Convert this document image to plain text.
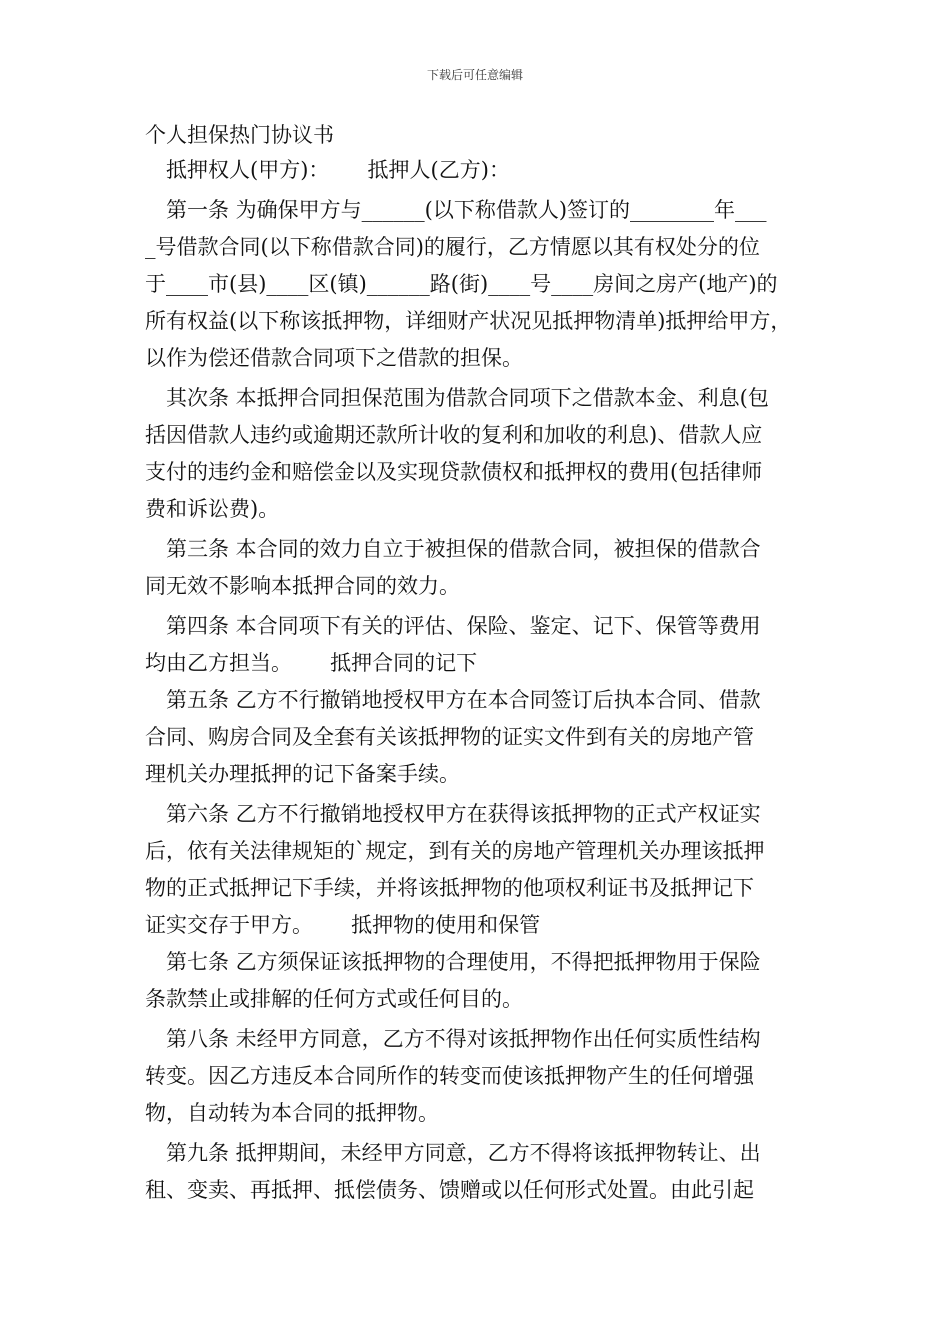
下载后可任意编辑
个人担保热门协议书
抵押权人(甲方)：　　 抵押人(乙方)：
第一条 为确保甲方与______(以下称借款人)签订的________年___
_号借款合同(以下称借款合同)的履行，乙方情愿以其有权处分的位
于____市(县)____区(镇)______路(街)____号____房间之房产(地产)的
所有权益(以下称该抵押物，详细财产状况见抵押物清单)抵押给甲方，
以作为偿还借款合同项下之借款的担保。
其次条 本抵押合同担保范围为借款合同项下之借款本金、利息(包
括因借款人违约或逾期还款所计收的复利和加收的利息)、借款人应
支付的违约金和赔偿金以及实现贷款债权和抵押权的费用(包括律师
费和诉讼费)。
第三条 本合同的效力自立于被担保的借款合同，被担保的借款合
同无效不影响本抵押合同的效力。
第四条 本合同项下有关的评估、保险、鉴定、记下、保管等费用
均由乙方担当。　　 抵押合同的记下
第五条 乙方不行撤销地授权甲方在本合同签订后执本合同、借款
合同、购房合同及全套有关该抵押物的证实文件到有关的房地产管
理机关办理抵押的记下备案手续。
第六条 乙方不行撤销地授权甲方在获得该抵押物的正式产权证实
后，依有关法律规矩的`规定，到有关的房地产管理机关办理该抵押
物的正式抵押记下手续，并将该抵押物的他项权利证书及抵押记下
证实交存于甲方。　　 抵押物的使用和保管
第七条 乙方须保证该抵押物的合理使用，不得把抵押物用于保险
条款禁止或排解的任何方式或任何目的。
第八条 未经甲方同意，乙方不得对该抵押物作出任何实质性结构
转变。因乙方违反本合同所作的转变而使该抵押物产生的任何增强
物，自动转为本合同的抵押物。
第九条 抵押期间，未经甲方同意，乙方不得将该抵押物转让、出
租、变卖、再抵押、抵偿债务、馈赠或以任何形式处置。由此引起
